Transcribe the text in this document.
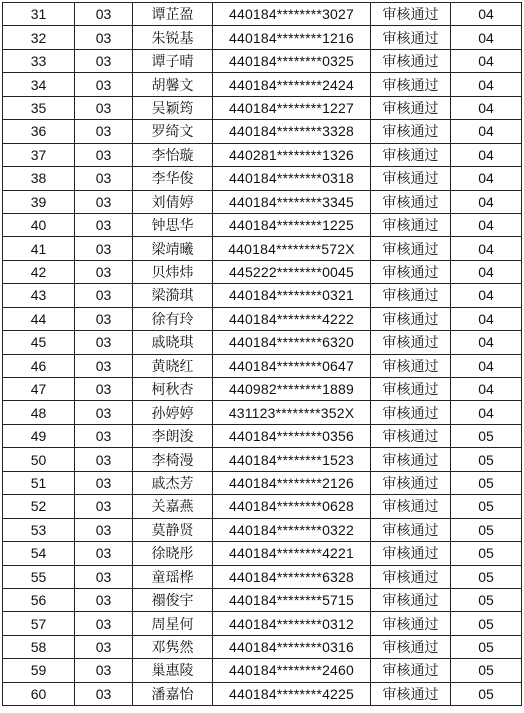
31	03	谭芷盈	440184********3027	审核通过	04
32	03	朱锐基	440184********1216	审核通过	04
33	03	谭子晴	440184********0325	审核通过	04
34	03	胡馨文	440184********2424	审核通过	04
35	03	吴颖筠	440184********1227	审核通过	04
36	03	罗绮文	440184********3328	审核通过	04
37	03	李怡璇	440281********1326	审核通过	04
38	03	李华俊	440184********0318	审核通过	04
39	03	刘倩婷	440184********3345	审核通过	04
40	03	钟思华	440184********1225	审核通过	04
41	03	梁靖曦	440184********572X	审核通过	04
42	03	贝炜炜	445222********0045	审核通过	04
43	03	梁漪琪	440184********0321	审核通过	04
44	03	徐有玲	440184********4222	审核通过	04
45	03	戚晓琪	440184********6320	审核通过	04
46	03	黄晓红	440184********0647	审核通过	04
47	03	柯秋杏	440982********1889	审核通过	04
48	03	孙婷婷	431123********352X	审核通过	04
49	03	李朗浚	440184********0356	审核通过	05
50	03	李椅漫	440184********1523	审核通过	05
51	03	戚杰芳	440184********2126	审核通过	05
52	03	关嘉燕	440184********0628	审核通过	05
53	03	莫静贤	440184********0322	审核通过	05
54	03	徐晓彤	440184********4221	审核通过	05
55	03	童瑶桦	440184********6328	审核通过	05
56	03	禤俊宇	440184********5715	审核通过	05
57	03	周星何	440184********0312	审核通过	05
58	03	邓隽然	440184********0316	审核通过	05
59	03	巢惠陵	440184********2460	审核通过	05
60	03	潘嘉怡	440184********4225	审核通过	05
